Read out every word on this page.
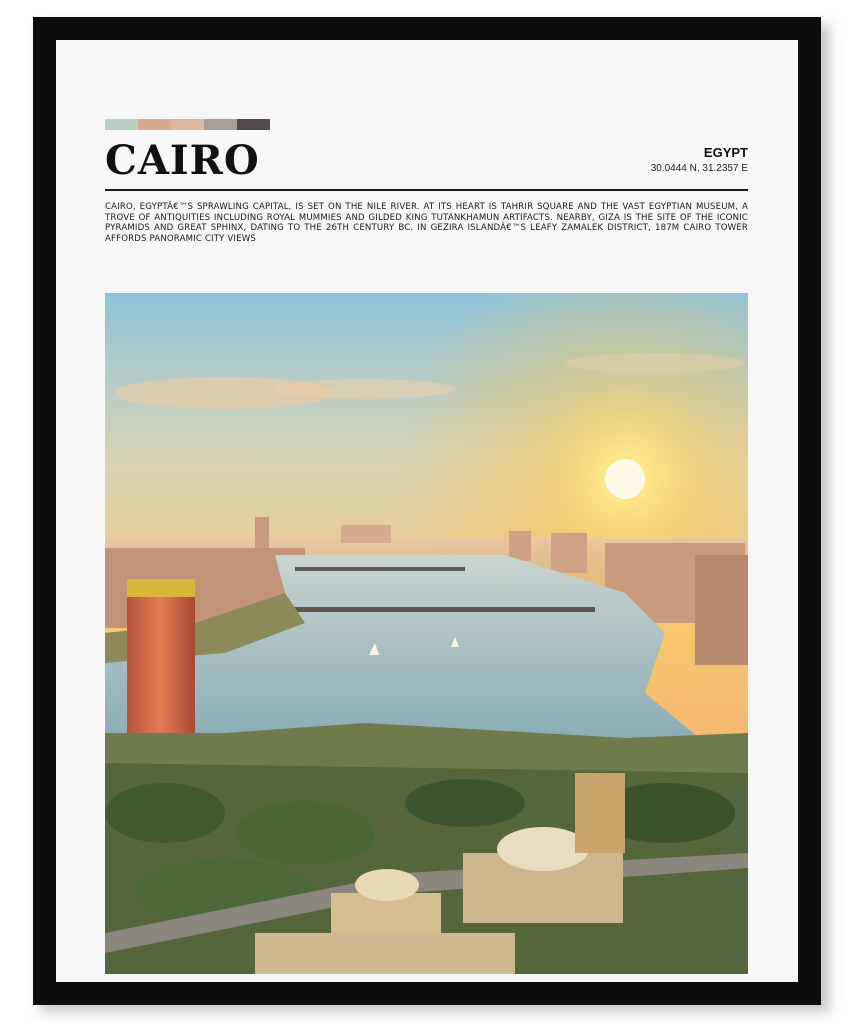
CAIRO	EGYPT
30.0444 N, 31.2357 E
CAIRO, EGYPTÂ€™S SPRAWLING CAPITAL, IS SET ON THE NILE RIVER. AT ITS HEART IS TAHRIR SQUARE AND THE VAST EGYPTIAN MUSEUM, A TROVE OF ANTIQUITIES INCLUDING ROYAL MUMMIES AND GILDED KING TUTANKHAMUN ARTIFACTS. NEARBY, GIZA IS THE SITE OF THE ICONIC PYRAMIDS AND GREAT SPHINX, DATING TO THE 26TH CENTURY BC. IN GEZIRA ISLANDÂ€™S LEAFY ZAMALEK DISTRICT, 187M CAIRO TOWER AFFORDS PANORAMIC CITY VIEWS
